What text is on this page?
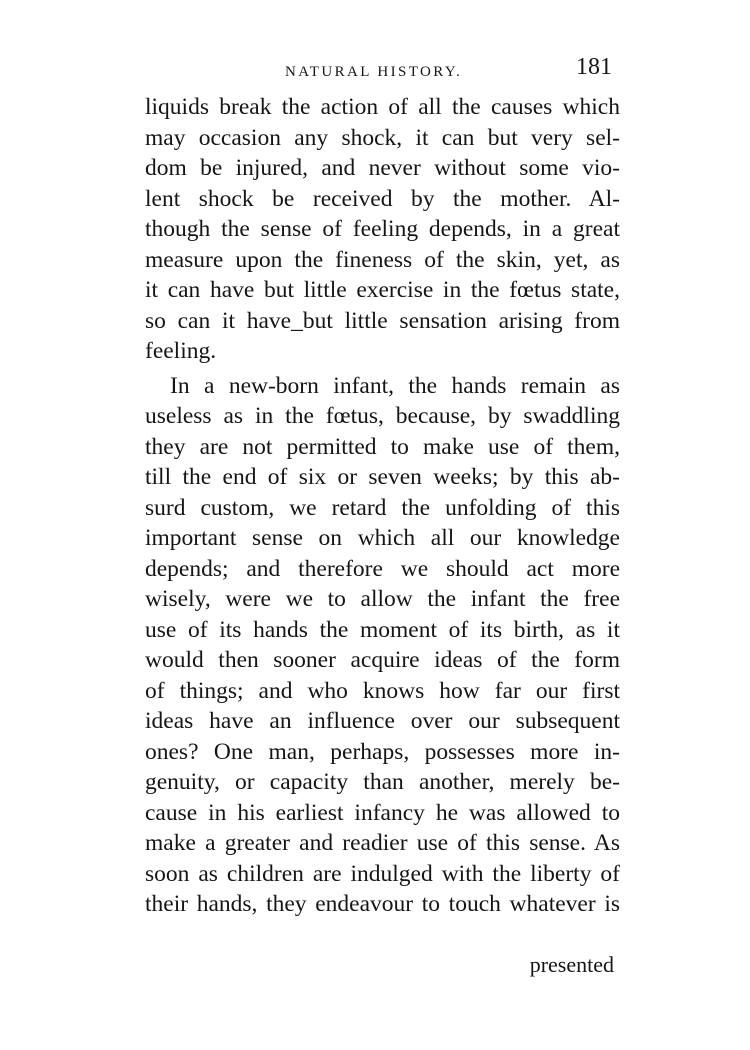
NATURAL HISTORY.	181
liquids break the action of all the causes which
may occasion any shock, it can but very sel-
dom be injured, and never without some vio-
lent shock be received by the mother. Al-
though the sense of feeling depends, in a great
measure upon the fineness of the skin, yet, as
it can have but little exercise in the fœtus state,
so can it have_but little sensation arising from
feeling.
In a new-born infant, the hands remain as
useless as in the fœtus, because, by swaddling
they are not permitted to make use of them,
till the end of six or seven weeks; by this ab-
surd custom, we retard the unfolding of this
important sense on which all our knowledge
depends; and therefore we should act more
wisely, were we to allow the infant the free
use of its hands the moment of its birth, as it
would then sooner acquire ideas of the form
of things; and who knows how far our first
ideas have an influence over our subsequent
ones? One man, perhaps, possesses more in-
genuity, or capacity than another, merely be-
cause in his earliest infancy he was allowed to
make a greater and readier use of this sense. As
soon as children are indulged with the liberty of
their hands, they endeavour to touch whatever is
presented
